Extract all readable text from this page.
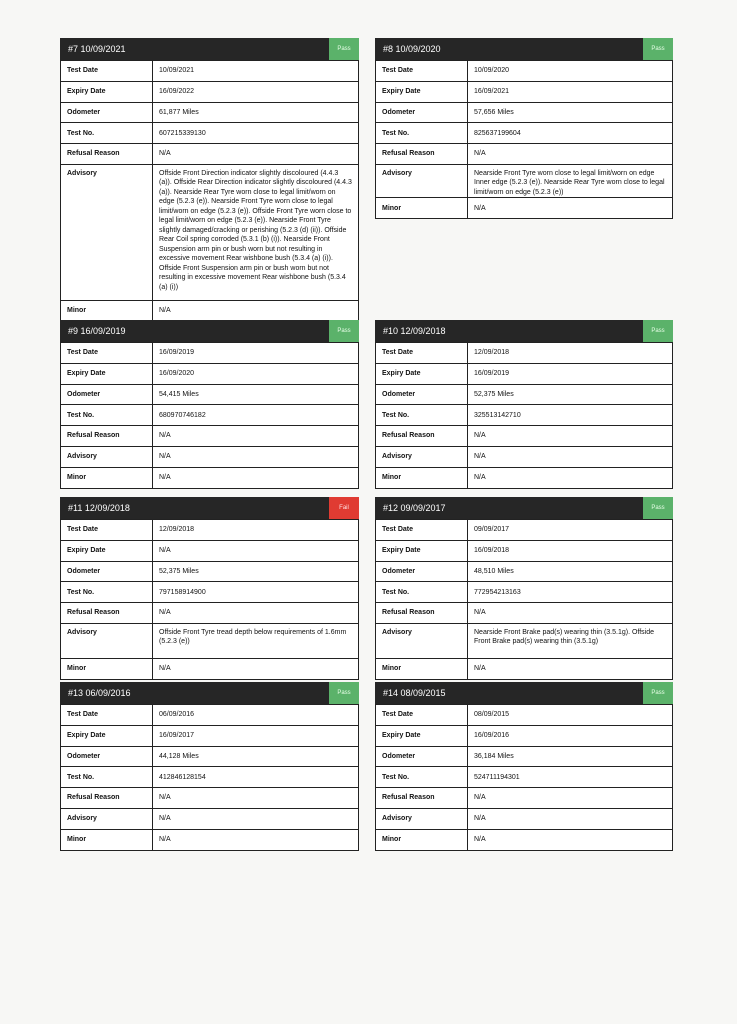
#7 10/09/2021	Pass
Test Date	10/09/2021
Expiry Date	16/09/2022
Odometer	61,877 Miles
Test No.	607215339130
Refusal Reason	N/A
Advisory	Offside Front Direction indicator slightly discoloured (4.4.3 (a)). Offside Rear Direction indicator slightly discoloured (4.4.3 (a)). Nearside Rear Tyre worn close to legal limit/worn on edge (5.2.3 (e)). Nearside Front Tyre worn close to legal limit/worn on edge (5.2.3 (e)). Offside Front Tyre worn close to legal limit/worn on edge (5.2.3 (e)). Nearside Front Tyre slightly damaged/cracking or perishing (5.2.3 (d) (ii)). Offside Rear Coil spring corroded (5.3.1 (b) (i)). Nearside Front Suspension arm pin or bush worn but not resulting in excessive movement Rear wishbone bush (5.3.4 (a) (i)). Offside Front Suspension arm pin or bush worn but not resulting in excessive movement Rear wishbone bush (5.3.4 (a) (i))
Minor	N/A
#8 10/09/2020	Pass
Test Date	10/09/2020
Expiry Date	16/09/2021
Odometer	57,656 Miles
Test No.	825637199604
Refusal Reason	N/A
Advisory	Nearside Front Tyre worn close to legal limit/worn on edge Inner edge (5.2.3 (e)). Nearside Rear Tyre worn close to legal limit/worn on edge (5.2.3 (e))
Minor	N/A
#9 16/09/2019	Pass
Test Date	16/09/2019
Expiry Date	16/09/2020
Odometer	54,415 Miles
Test No.	680970746182
Refusal Reason	N/A
Advisory	N/A
Minor	N/A
#10 12/09/2018	Pass
Test Date	12/09/2018
Expiry Date	16/09/2019
Odometer	52,375 Miles
Test No.	325513142710
Refusal Reason	N/A
Advisory	N/A
Minor	N/A
#11 12/09/2018	Fail
Test Date	12/09/2018
Expiry Date	N/A
Odometer	52,375 Miles
Test No.	797158914900
Refusal Reason	N/A
Advisory	Offside Front Tyre tread depth below requirements of 1.6mm (5.2.3 (e))
Minor	N/A
#12 09/09/2017	Pass
Test Date	09/09/2017
Expiry Date	16/09/2018
Odometer	48,510 Miles
Test No.	772954213163
Refusal Reason	N/A
Advisory	Nearside Front Brake pad(s) wearing thin (3.5.1g). Offside Front Brake pad(s) wearing thin (3.5.1g)
Minor	N/A
#13 06/09/2016	Pass
Test Date	06/09/2016
Expiry Date	16/09/2017
Odometer	44,128 Miles
Test No.	412846128154
Refusal Reason	N/A
Advisory	N/A
Minor	N/A
#14 08/09/2015	Pass
Test Date	08/09/2015
Expiry Date	16/09/2016
Odometer	36,184 Miles
Test No.	524711194301
Refusal Reason	N/A
Advisory	N/A
Minor	N/A
